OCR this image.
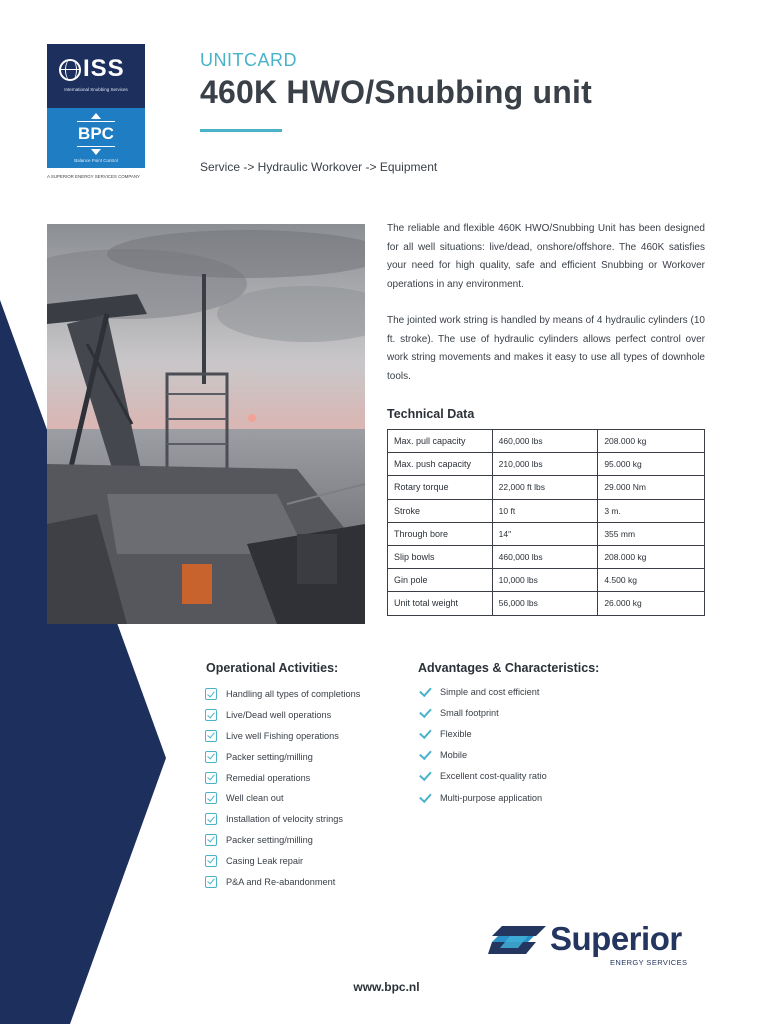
ISS
International Snubbing Services
BPC
Balance Point Control
A SUPERIOR ENERGY SERVICES COMPANY
UNITCARD
460K HWO/Snubbing unit
Service -> Hydraulic Workover -> Equipment

The reliable and flexible 460K HWO/Snubbing Unit has been designed for all well situations: live/dead, onshore/offshore. The 460K satisfies your need for high quality, safe and efficient Snubbing or Workover operations in any environment.

The jointed work string is handled by means of 4 hydraulic cylinders (10 ft. stroke). The use of hydraulic cylinders allows perfect control over work string movements and makes it easy to use all types of downhole tools.

Technical Data
Max. pull capacity	460,000 lbs	208.000 kg
Max. push capacity	210,000 lbs	95.000 kg
Rotary torque	22,000 ft lbs	29.000 Nm
Stroke	10 ft	3 m.
Through bore	14"	355 mm
Slip bowls	460,000 lbs	208.000 kg
Gin pole	10,000 lbs	4.500 kg
Unit total weight	56,000 lbs	26.000 kg
Operational Activities:
Handling all types of completions
Live/Dead well operations
Live well Fishing operations
Packer setting/milling
Remedial operations
Well clean out
Installation of velocity strings
Packer setting/milling
Casing Leak repair
P&A and Re-abandonment
Advantages & Characteristics:
Simple and cost efficient
Small footprint
Flexible
Mobile
Excellent cost-quality ratio
Multi-purpose application
Superior
ENERGY SERVICES
www.bpc.nl
